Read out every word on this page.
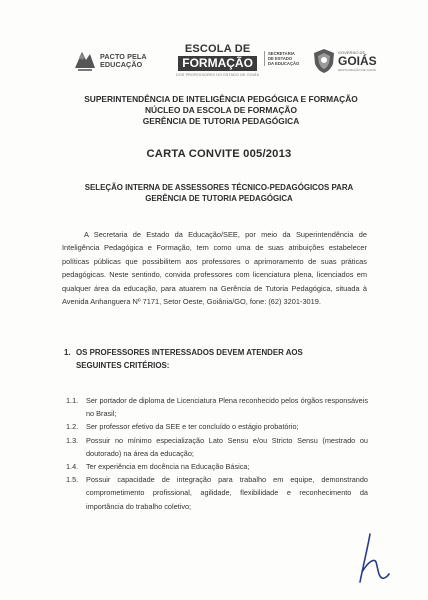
PACTO PELA
EDUCAÇÃO
ESCOLA DE
FORMAÇÃO
DOS PROFESSORES DO ESTADO DE GOIÁS
SECRETARIA
DE ESTADO
DA EDUCAÇÃO
GOVERNO DE
GOIÁS
RESTAURAÇÃO DE GOIÁS
SUPERINTENDÊNCIA DE INTELIGÊNCIA PEDGÓGICA E FORMAÇÃO
NÚCLEO DA ESCOLA DE FORMAÇÃO
GERÊNCIA DE TUTORIA PEDAGÓGICA
CARTA CONVITE 005/2013
SELEÇÃO INTERNA DE ASSESSORES TÉCNICO-PEDAGÓGICOS PARA
GERÊNCIA DE TUTORIA PEDAGÓGICA
A Secretaria de Estado da Educação/SEE, por meio da Superintendência de Inteligência Pedagógica e Formação, tem como uma de suas atribuições estabelecer políticas públicas que possibilitem aos professores o aprimoramento de suas práticas pedagógicas. Neste sentindo, convida professores com licenciatura plena, licenciados em qualquer área da educação, para atuarem na Gerência de Tutoria Pedagógica, situada à Avenida Anhanguera Nº 7171, Setor Oeste, Goiânia/GO, fone: (62) 3201-3019.
1. OS PROFESSORES INTERESSADOS DEVEM ATENDER AOS
SEGUINTES CRITÉRIOS:
1.1.	Ser portador de diploma de Licenciatura Plena reconhecido pelos órgãos responsáveis no Brasil;
1.2.	Ser professor efetivo da SEE e ter concluído o estágio probatório;
1.3.	Possuir no mínimo especialização Lato Sensu e/ou Stricto Sensu (mestrado ou doutorado) na área da educação;
1.4.	Ter experiência em docência na Educação Básica;
1.5.	Possuir capacidade de integração para trabalho em equipe, demonstrando comprometimento profissional, agilidade, flexibilidade e reconhecimento da importância do trabalho coletivo;
